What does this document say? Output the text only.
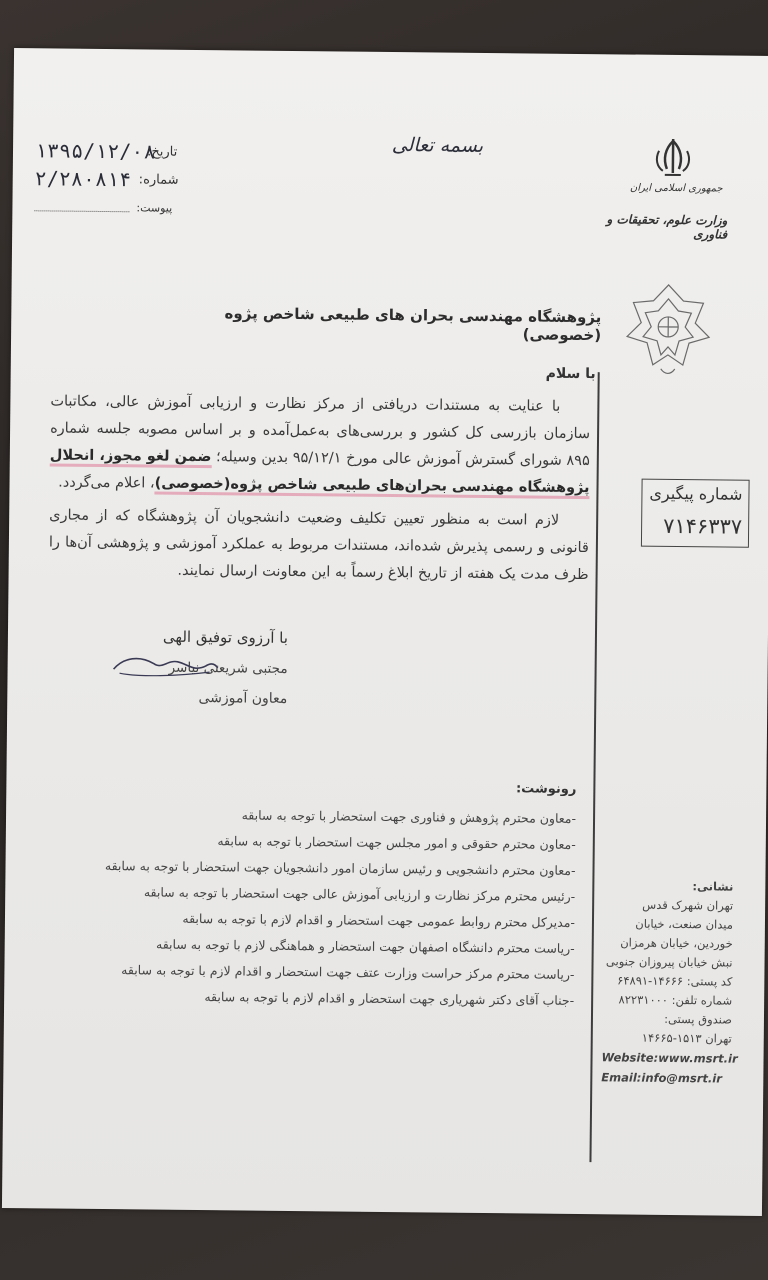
بسمه تعالی
۱۳۹۵/۱۲/۰۸
تاریخ:
۲/۲۸۰۸۱۴ شماره:
پیوست:
جمهوری اسلامی ایران
وزارت علوم، تحقیقات و فناوری
شماره پیگیری
۷۱۴۶۳۳۷
پژوهشگاه مهندسی بحران های طبیعی شاخص پژوه (خصوصی)
با سلام
با عنایت به مستندات دریافتی از مرکز نظارت و ارزیابی آموزش عالی، مکاتبات سازمان بازرسی کل کشور و بررسی‌های به‌عمل‌آمده و بر اساس مصوبه جلسه شماره ۸۹۵ شورای گسترش آموزش عالی مورخ ۹۵/۱۲/۱ بدین وسیله؛ ضمن لغو مجوز، انحلال پژوهشگاه مهندسی بحران‌های طبیعی شاخص پژوه(خصوصی)، اعلام می‌گردد.
لازم است به منظور تعیین تکلیف وضعیت دانشجویان آن پژوهشگاه که از مجاری قانونی و رسمی پذیرش شده‌اند، مستندات مربوط به عملکرد آموزشی و پژوهشی آن‌ها را ظرف مدت یک هفته از تاریخ ابلاغ رسماً به این معاونت ارسال نمایند.
با آرزوی توفیق الهی
مجتبی شریعتی نیاسر
معاون آموزشی
رونوشت:
-معاون محترم پژوهش و فناوری جهت استحضار با توجه به سابقه
-معاون محترم حقوقی و امور مجلس جهت استحضار با توجه به سابقه
-معاون محترم دانشجویی و رئیس سازمان امور دانشجویان جهت استحضار با توجه به سابقه
-رئیس محترم مرکز نظارت و ارزیابی آموزش عالی جهت استحضار با توجه به سابقه
-مدیرکل محترم روابط عمومی جهت استحضار و اقدام لازم با توجه به سابقه
-ریاست محترم دانشگاه اصفهان جهت استحضار و هماهنگی لازم با توجه به سابقه
-ریاست محترم مرکز حراست وزارت عتف جهت استحضار و اقدام لازم با توجه به سابقه
-جناب آقای دکتر شهریاری جهت استحضار و اقدام لازم با توجه به سابقه
نشانی:
تهران شهرک قدس
میدان صنعت، خیابان
خوردین، خیابان هرمزان
نبش خیابان پیروزان جنوبی
کد پستی: ۱۴۶۶۶-۶۴۸۹۱
شماره تلفن: ۸۲۲۳۱۰۰۰
صندوق پستی:
تهران ۱۵۱۳-۱۴۶۶۵
Website:www.msrt.ir
Email:info@msrt.ir
